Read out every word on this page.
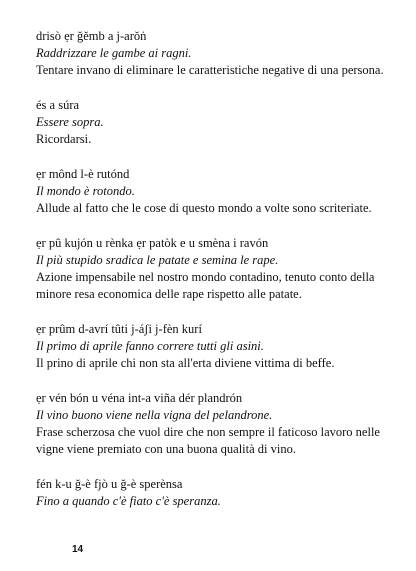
drisò ẹr ğěmb a j-arǒṅ

Raddrizzare le gambe ai ragni.

Tentare invano di eliminare le caratteristiche negative di una persona.

és a súra

Essere sopra.

Ricordarsi.

ẹr mônd l-è rutónd

Il mondo è rotondo.

Allude al fatto che le cose di questo mondo a volte sono scriteriate.

ẹr pû kujón u rènka ẹr patòk e u smèna i ravón

Il più stupido sradica le patate e semina le rape.

Azione impensabile nel nostro mondo contadino, tenuto conto della minore resa economica delle rape rispetto alle patate.

ẹr prûm d-avrí tûti j-áʃi j-fèn kurí

Il primo di aprile fanno correre tutti gli asini.

Il prino di aprile chi non sta all'erta diviene vittima di beffe.

ẹr vén bón u véna int-a viña dér plandrón

Il vino buono viene nella vigna del pelandrone.

Frase scherzosa che vuol dire che non sempre il faticoso lavoro nelle vigne viene premiato con una buona qualità di vino.

fén k-u ğ-è fjò u ğ-è sperènsa

Fino a quando c'è fiato c'è speranza.

14
